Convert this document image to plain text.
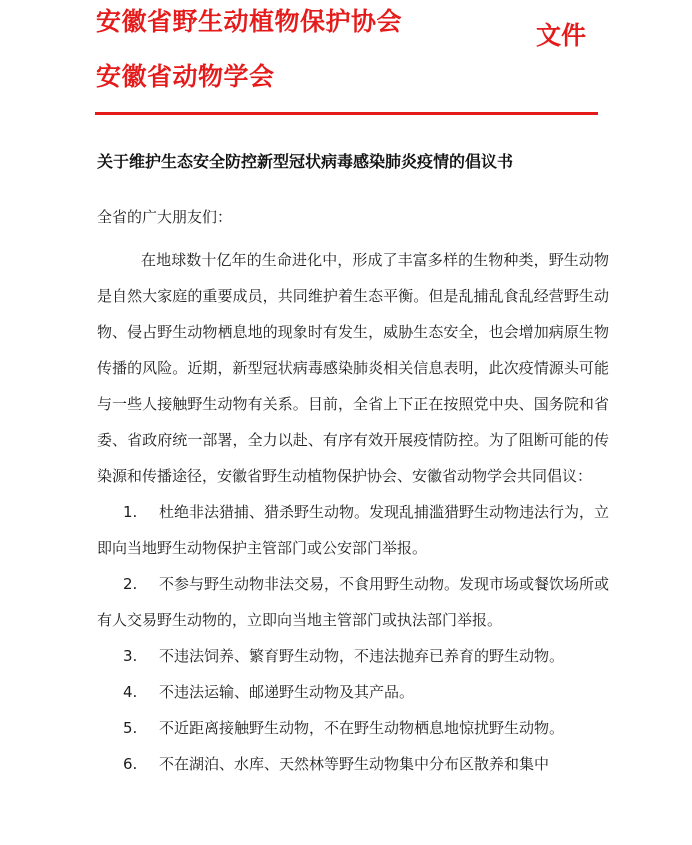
安徽省野生动植物保护协会
安徽省动物学会
文件
关于维护生态安全防控新型冠状病毒感染肺炎疫情的倡议书

全省的广大朋友们：

在地球数十亿年的生命进化中，形成了丰富多样的生物种类，野生动物是自然大家庭的重要成员，共同维护着生态平衡。但是乱捕乱食乱经营野生动物、侵占野生动物栖息地的现象时有发生，威胁生态安全，也会增加病原生物传播的风险。近期，新型冠状病毒感染肺炎相关信息表明，此次疫情源头可能与一些人接触野生动物有关系。目前，全省上下正在按照党中央、国务院和省委、省政府统一部署，全力以赴、有序有效开展疫情防控。为了阻断可能的传染源和传播途径，安徽省野生动植物保护协会、安徽省动物学会共同倡议：

1. 杜绝非法猎捕、猎杀野生动物。发现乱捕滥猎野生动物违法行为，立即向当地野生动物保护主管部门或公安部门举报。

2. 不参与野生动物非法交易，不食用野生动物。发现市场或餐饮场所或有人交易野生动物的，立即向当地主管部门或执法部门举报。

3. 不违法饲养、繁育野生动物，不违法抛弃已养育的野生动物。

4. 不违法运输、邮递野生动物及其产品。

5. 不近距离接触野生动物，不在野生动物栖息地惊扰野生动物。

6. 不在湖泊、水库、天然林等野生动物集中分布区散养和集中
